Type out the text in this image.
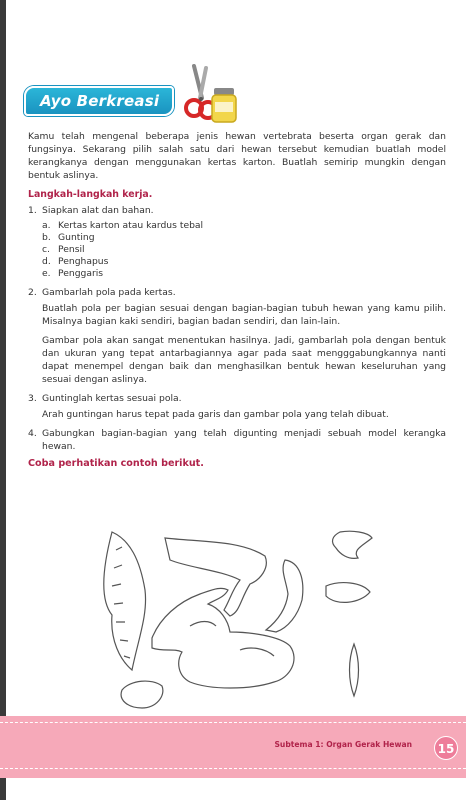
Ayo Berkreasi

Kamu telah mengenal beberapa jenis hewan vertebrata beserta organ gerak dan fungsinya. Sekarang pilih salah satu dari hewan tersebut kemudian buatlah model kerangkanya dengan menggunakan kertas karton. Buatlah semirip mungkin dengan bentuk aslinya.

Langkah-langkah kerja.

1. Siapkan alat dan bahan.
a. Kertas karton atau kardus tebal
b. Gunting
c. Pensil
d. Penghapus
e. Penggaris
2. Gambarlah pola pada kertas.

Buatlah pola per bagian sesuai dengan bagian-bagian tubuh hewan yang kamu pilih. Misalnya bagian kaki sendiri, bagian badan sendiri, dan lain-lain.

Gambar pola akan sangat menentukan hasilnya. Jadi, gambarlah pola dengan bentuk dan ukuran yang tepat antarbagiannya agar pada saat mengggabungkannya nanti dapat menempel dengan baik dan menghasilkan bentuk hewan keseluruhan yang sesuai dengan aslinya.

3. Guntinglah kertas sesuai pola.

Arah guntingan harus tepat pada garis dan gambar pola yang telah dibuat.

4. Gabungkan bagian-bagian yang telah digunting menjadi sebuah model kerangka hewan.

Coba perhatikan contoh berikut.

Subtema 1: Organ Gerak Hewan	15
